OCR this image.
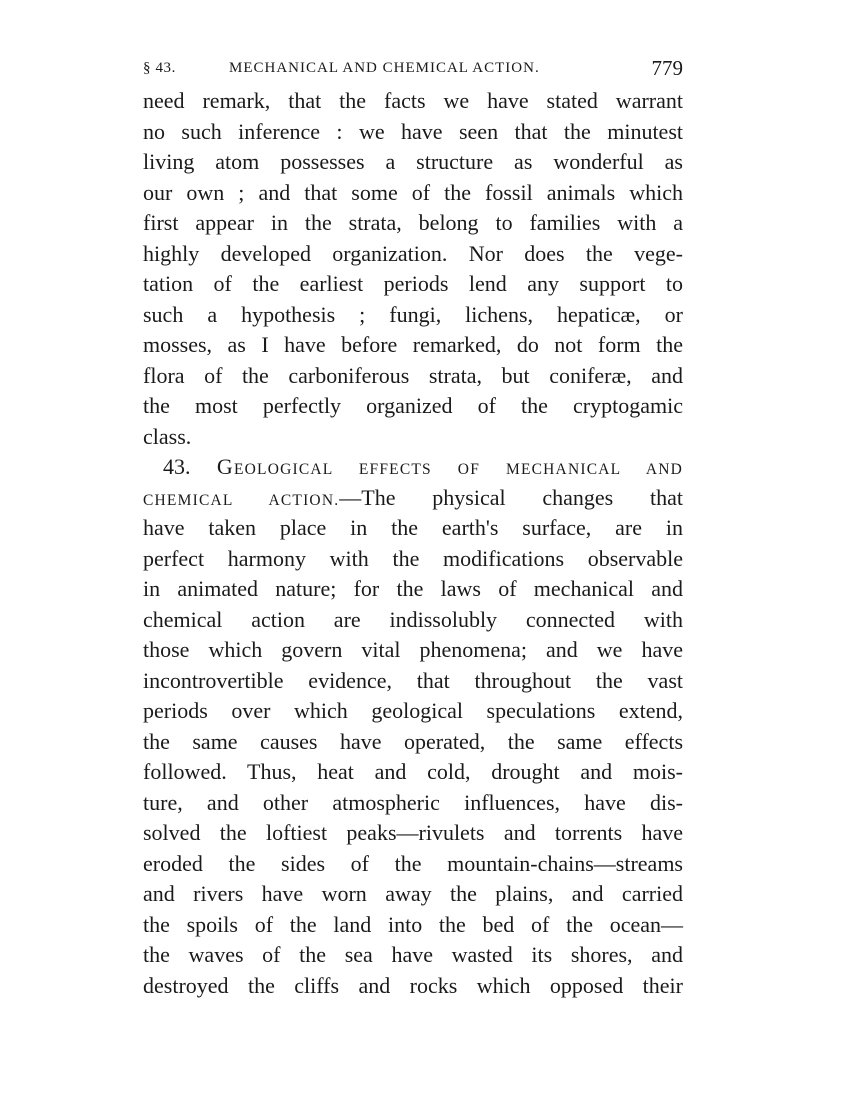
§ 43.	MECHANICAL AND CHEMICAL ACTION.	779
need remark, that the facts we have stated warrant
no such inference : we have seen that the minutest
living atom possesses a structure as wonderful as
our own ; and that some of the fossil animals which
first appear in the strata, belong to families with a
highly developed organization. Nor does the vege-
tation of the earliest periods lend any support to
such a hypothesis ; fungi, lichens, hepaticæ, or
mosses, as I have before remarked, do not form the
flora of the carboniferous strata, but coniferæ, and
the most perfectly organized of the cryptogamic
class.
43. GEOLOGICAL EFFECTS OF MECHANICAL AND
CHEMICAL ACTION.—The physical changes that
have taken place in the earth's surface, are in
perfect harmony with the modifications observable
in animated nature; for the laws of mechanical and
chemical action are indissolubly connected with
those which govern vital phenomena; and we have
incontrovertible evidence, that throughout the vast
periods over which geological speculations extend,
the same causes have operated, the same effects
followed. Thus, heat and cold, drought and mois-
ture, and other atmospheric influences, have dis-
solved the loftiest peaks—rivulets and torrents have
eroded the sides of the mountain-chains—streams
and rivers have worn away the plains, and carried
the spoils of the land into the bed of the ocean—
the waves of the sea have wasted its shores, and
destroyed the cliffs and rocks which opposed their
